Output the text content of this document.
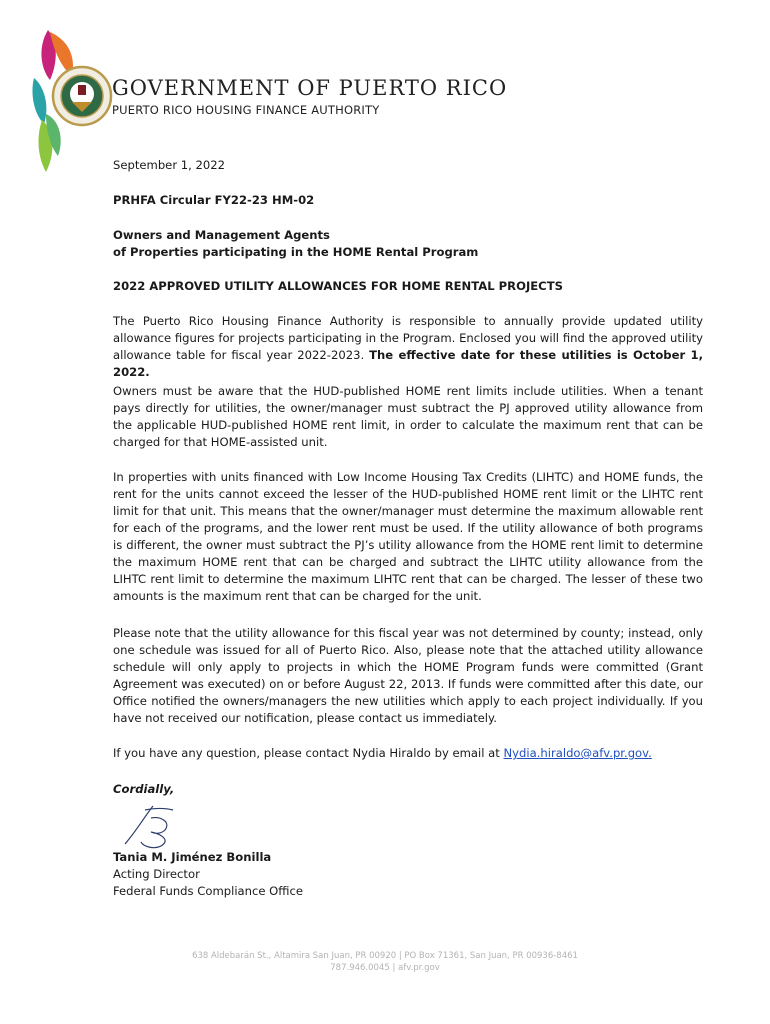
GOVERNMENT OF PUERTO RICO
PUERTO RICO HOUSING FINANCE AUTHORITY
September 1, 2022
PRHFA Circular FY22-23 HM-02
Owners and Management Agents
of Properties participating in the HOME Rental Program
2022 APPROVED UTILITY ALLOWANCES FOR HOME RENTAL PROJECTS
The Puerto Rico Housing Finance Authority is responsible to annually provide updated utility allowance figures for projects participating in the Program. Enclosed you will find the approved utility allowance table for fiscal year 2022-2023. The effective date for these utilities is October 1, 2022.
Owners must be aware that the HUD-published HOME rent limits include utilities. When a tenant pays directly for utilities, the owner/manager must subtract the PJ approved utility allowance from the applicable HUD-published HOME rent limit, in order to calculate the maximum rent that can be charged for that HOME-assisted unit.
In properties with units financed with Low Income Housing Tax Credits (LIHTC) and HOME funds, the rent for the units cannot exceed the lesser of the HUD-published HOME rent limit or the LIHTC rent limit for that unit. This means that the owner/manager must determine the maximum allowable rent for each of the programs, and the lower rent must be used. If the utility allowance of both programs is different, the owner must subtract the PJ’s utility allowance from the HOME rent limit to determine the maximum HOME rent that can be charged and subtract the LIHTC utility allowance from the LIHTC rent limit to determine the maximum LIHTC rent that can be charged. The lesser of these two amounts is the maximum rent that can be charged for the unit.
Please note that the utility allowance for this fiscal year was not determined by county; instead, only one schedule was issued for all of Puerto Rico. Also, please note that the attached utility allowance schedule will only apply to projects in which the HOME Program funds were committed (Grant Agreement was executed) on or before August 22, 2013. If funds were committed after this date, our Office notified the owners/managers the new utilities which apply to each project individually. If you have not received our notification, please contact us immediately.
If you have any question, please contact Nydia Hiraldo by email at Nydia.hiraldo@afv.pr.gov.
Cordially,
Tania M. Jiménez Bonilla
Acting Director
Federal Funds Compliance Office
638 Aldebarán St., Altamira San Juan, PR 00920 | PO Box 71361, San Juan, PR 00936-8461
787.946.0045 | afv.pr.gov
